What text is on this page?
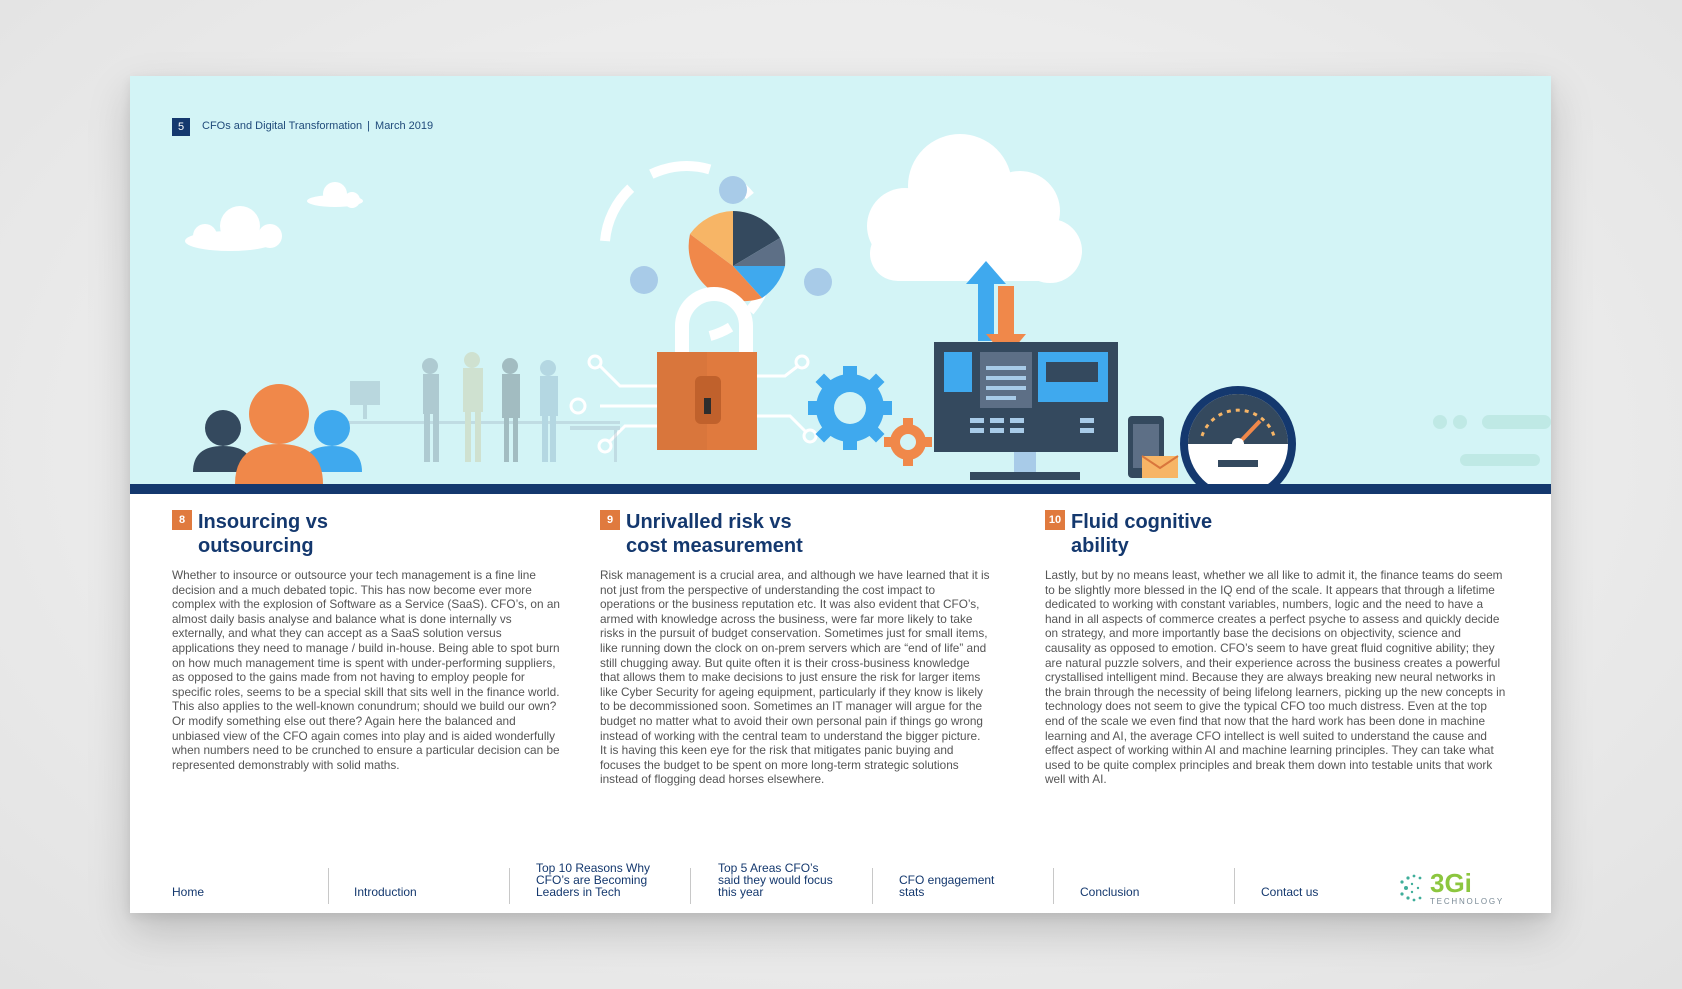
5	CFOs and Digital Transformation | March 2019
8 Insourcing vs
outsourcing
Whether to insource or outsource your tech management is a fine line decision and a much debated topic. This has now become ever more complex with the explosion of Software as a Service (SaaS). CFO’s, on an almost daily basis analyse and balance what is done internally vs externally, and what they can accept as a SaaS solution versus applications they need to manage / build in-house. Being able to spot burn on how much management time is spent with under-performing suppliers, as opposed to the gains made from not having to employ people for specific roles, seems to be a special skill that sits well in the finance world. This also applies to the well-known conundrum; should we build our own? Or modify something else out there? Again here the balanced and unbiased view of the CFO again comes into play and is aided wonderfully when numbers need to be crunched to ensure a particular decision can be represented demonstrably with solid maths.
9 Unrivalled risk vs
cost measurement
Risk management is a crucial area, and although we have learned that it is not just from the perspective of understanding the cost impact to operations or the business reputation etc. It was also evident that CFO’s, armed with knowledge across the business, were far more likely to take risks in the pursuit of budget conservation. Sometimes just for small items, like running down the clock on on-prem servers which are “end of life” and still chugging away. But quite often it is their cross-business knowledge that allows them to make decisions to just ensure the risk for larger items like Cyber Security for ageing equipment, particularly if they know is likely to be decommissioned soon. Sometimes an IT manager will argue for the budget no matter what to avoid their own personal pain if things go wrong instead of working with the central team to understand the bigger picture. It is having this keen eye for the risk that mitigates panic buying and focuses the budget to be spent on more long-term strategic solutions instead of flogging dead horses elsewhere.
10 Fluid cognitive
ability
Lastly, but by no means least, whether we all like to admit it, the finance teams do seem to be slightly more blessed in the IQ end of the scale. It appears that through a lifetime dedicated to working with constant variables, numbers, logic and the need to have a hand in all aspects of commerce creates a perfect psyche to assess and quickly decide on strategy, and more importantly base the decisions on objectivity, science and causality as opposed to emotion. CFO’s seem to have great fluid cognitive ability; they are natural puzzle solvers, and their experience across the business creates a powerful crystallised intelligent mind. Because they are always breaking new neural networks in the brain through the necessity of being lifelong learners, picking up the new concepts in technology does not seem to give the typical CFO too much distress. Even at the top end of the scale we even find that now that the hard work has been done in machine learning and AI, the average CFO intellect is well suited to understand the cause and effect aspect of working within AI and machine learning principles. They can take what used to be quite complex principles and break them down into testable units that work well with AI.
Home	Introduction
Top 10 Reasons Why CFO’s are Becoming Leaders in Tech
Top 5 Areas CFO’s said they would focus this year
CFO engagement stats	Conclusion	Contact us	3Gi
TECHNOLOGY
